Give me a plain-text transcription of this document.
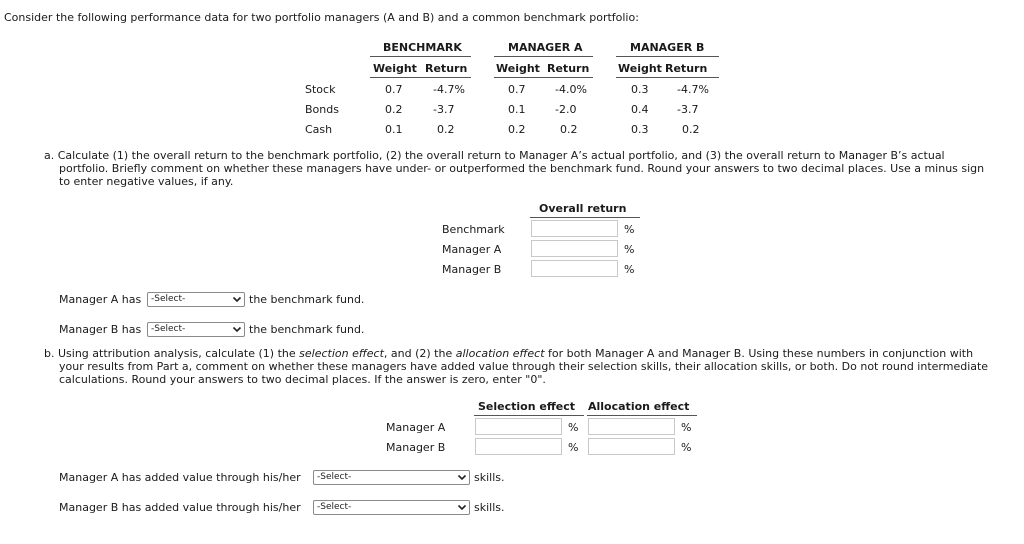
Consider the following performance data for two portfolio managers (A and B) and a common benchmark portfolio:
BENCHMARK	MANAGER A	MANAGER B
Weight Return	Weight Return	Weight Return
Stock	0.7	-4.7%	0.7	-4.0%	0.3	-4.7%
Bonds	0.2	-3.7	0.1	-2.0	0.4	-3.7
Cash	0.1	0.2	0.2	0.2	0.3	0.2
a. Calculate (1) the overall return to the benchmark portfolio, (2) the overall return to Manager A’s actual portfolio, and (3) the overall return to Manager B’s actual
portfolio. Briefly comment on whether these managers have under- or outperformed the benchmark fund. Round your answers to two decimal places. Use a minus sign
to enter negative values, if any.
Overall return
Benchmark	%
Manager A	%
Manager B	%
Manager A has	-Select-	the benchmark fund.
Manager B has	-Select-	the benchmark fund.
b. Using attribution analysis, calculate (1) the selection effect, and (2) the allocation effect for both Manager A and Manager B. Using these numbers in conjunction with
your results from Part a, comment on whether these managers have added value through their selection skills, their allocation skills, or both. Do not round intermediate
calculations. Round your answers to two decimal places. If the answer is zero, enter "0".
Selection effect Allocation effect
Manager A	%	%
Manager B	%	%
Manager A has added value through his/her	-Select-	skills.
Manager B has added value through his/her	-Select-	skills.
